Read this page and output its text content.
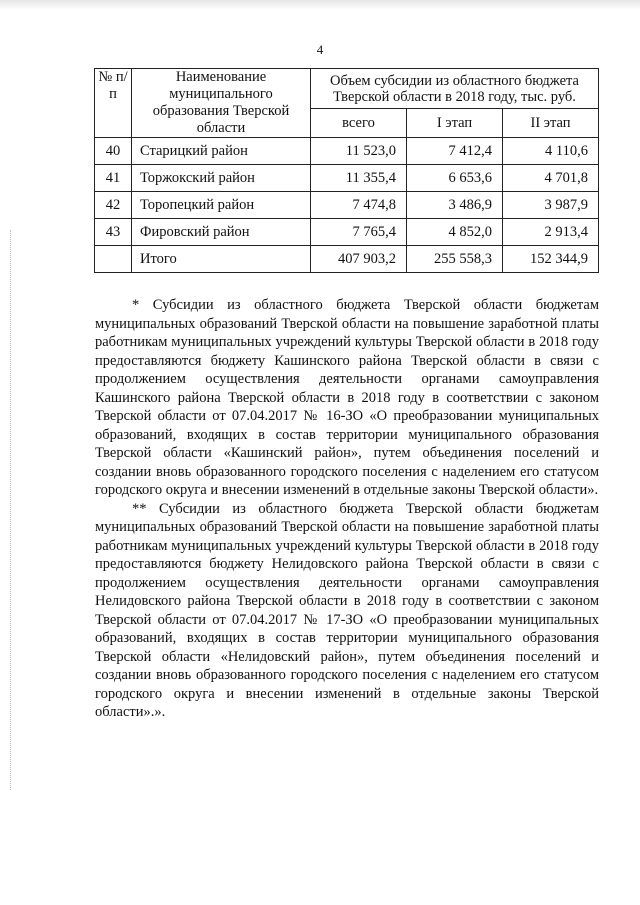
4
№ п/п	Наименование муниципального образования Тверской области	Объем субсидии из областного бюджета Тверской области в 2018 году, тыс. руб.		
		всего	I этап	II этап
40	Старицкий район	11 523,0	7 412,4	4 110,6
41	Торжокский район	11 355,4	6 653,6	4 701,8
42	Торопецкий район	7 474,8	3 486,9	3 987,9
43	Фировский район	7 765,4	4 852,0	2 913,4
	Итого	407 903,2	255 558,3	152 344,9

* Субсидии из областного бюджета Тверской области бюджетам муниципальных образований Тверской области на повышение заработной платы работникам муниципальных учреждений культуры Тверской области в 2018 году предоставляются бюджету Кашинского района Тверской области в связи с продолжением осуществления деятельности органами самоуправления Кашинского района Тверской области в 2018 году в соответствии с законом Тверской области от 07.04.2017 № 16-ЗО «О преобразовании муниципальных образований, входящих в состав территории муниципального образования Тверской области «Кашинский район», путем объединения поселений и создании вновь образованного городского поселения с наделением его статусом городского округа и внесении изменений в отдельные законы Тверской области».

** Субсидии из областного бюджета Тверской области бюджетам муниципальных образований Тверской области на повышение заработной платы работникам муниципальных учреждений культуры Тверской области в 2018 году предоставляются бюджету Нелидовского района Тверской области в связи с продолжением осуществления деятельности органами самоуправления Нелидовского района Тверской области в 2018 году в соответствии с законом Тверской области от 07.04.2017 № 17-ЗО «О преобразовании муниципальных образований, входящих в состав территории муниципального образования Тверской области «Нелидовский район», путем объединения поселений и создании вновь образованного городского поселения с наделением его статусом городского округа и внесении изменений в отдельные законы Тверской области».».
